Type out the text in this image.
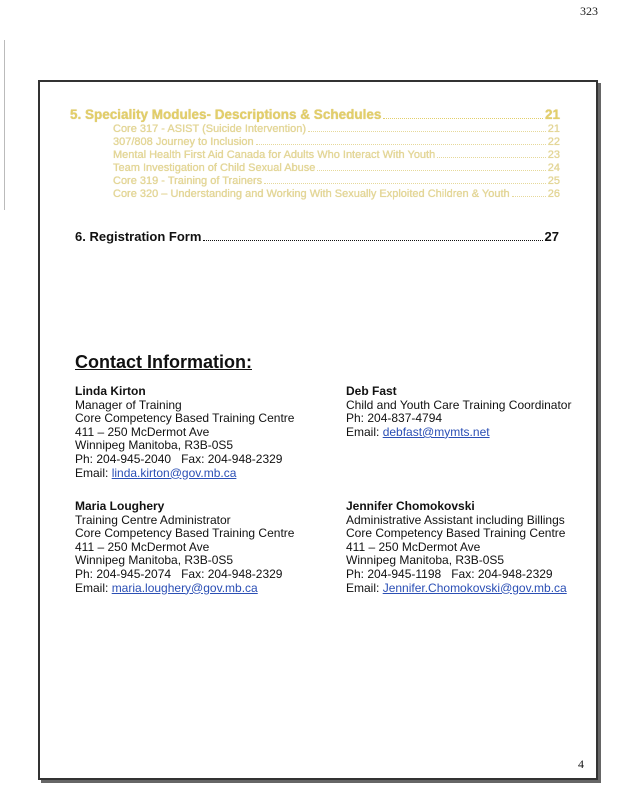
323
5. Speciality Modules- Descriptions & Schedules	21
Core 317 - ASIST (Suicide Intervention)	21
307/808 Journey to Inclusion	22
Mental Health First Aid Canada for Adults Who Interact With Youth	23
Team Investigation of Child Sexual Abuse	24
Core 319 - Training of Trainers	25
Core 320 – Understanding and Working With Sexually Exploited Children & Youth	26
6. Registration Form	27
Contact Information:
Linda Kirton
Manager of Training
Core Competency Based Training Centre
411 – 250 McDermot Ave
Winnipeg Manitoba, R3B-0S5
Ph: 204-945-2040   Fax: 204-948-2329
Email: linda.kirton@gov.mb.ca
Deb Fast
Child and Youth Care Training Coordinator
Ph: 204-837-4794
Email: debfast@mymts.net
Maria Loughery
Training Centre Administrator
Core Competency Based Training Centre
411 – 250 McDermot Ave
Winnipeg Manitoba, R3B-0S5
Ph: 204-945-2074   Fax: 204-948-2329
Email: maria.loughery@gov.mb.ca
Jennifer Chomokovski
Administrative Assistant including Billings
Core Competency Based Training Centre
411 – 250 McDermot Ave
Winnipeg Manitoba, R3B-0S5
Ph: 204-945-1198   Fax: 204-948-2329
Email: Jennifer.Chomokovski@gov.mb.ca
4
